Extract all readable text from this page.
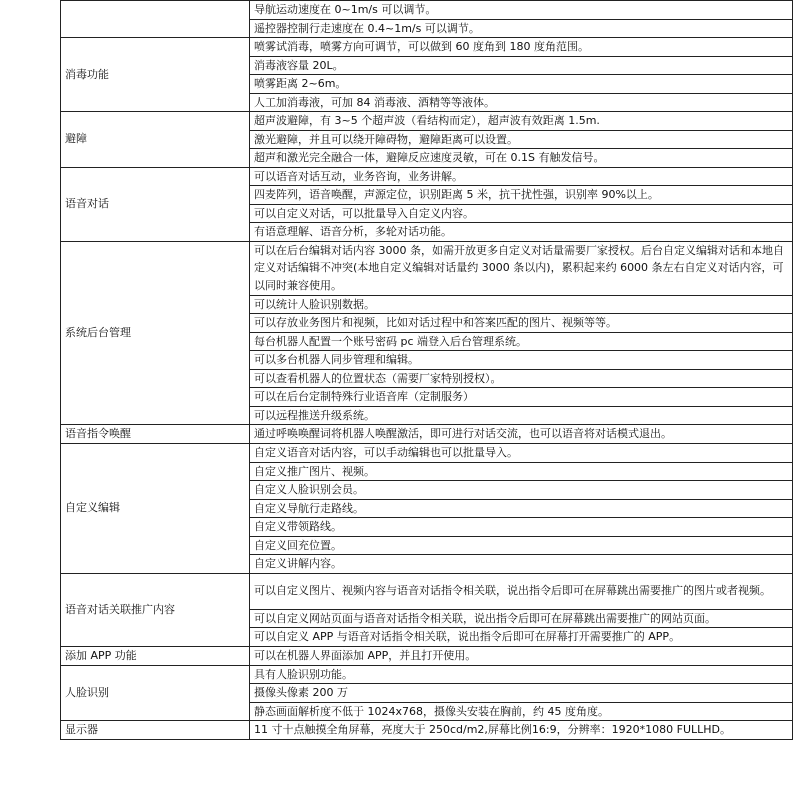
	导航运动速度在 0~1m/s 可以调节。
	遥控器控制行走速度在 0.4~1m/s 可以调节。
消毒功能	喷雾试消毒，喷雾方向可调节，可以做到 60 度角到 180 度角范围。
	消毒液容量 20L。
	喷雾距离 2~6m。
	人工加消毒液，可加 84 消毒液、酒精等等液体。
避障	超声波避障，有 3~5 个超声波（看结构而定），超声波有效距离 1.5m.
	激光避障，并且可以绕开障碍物，避障距离可以设置。
	超声和激光完全融合一体，避障反应速度灵敏，可在 0.1S 有触发信号。
语音对话	可以语音对话互动，业务咨询，业务讲解。
	四麦阵列，语音唤醒，声源定位，识别距离 5 米，抗干扰性强，识别率 90%以上。
	可以自定义对话，可以批量导入自定义内容。
	有语意理解、语音分析，多轮对话功能。
系统后台管理	可以在后台编辑对话内容 3000 条，如需开放更多自定义对话量需要厂家授权。后台自定义编辑对话和本地自定义对话编辑不冲突(本地自定义编辑对话量约 3000 条以内)，累积起来约 6000 条左右自定义对话内容，可以同时兼容使用。
	可以统计人脸识别数据。
	可以存放业务图片和视频，比如对话过程中和答案匹配的图片、视频等等。
	每台机器人配置一个账号密码 pc 端登入后台管理系统。
	可以多台机器人同步管理和编辑。
	可以查看机器人的位置状态（需要厂家特别授权）。
	可以在后台定制特殊行业语音库（定制服务）
	可以远程推送升级系统。
语音指令唤醒	通过呼唤唤醒词将机器人唤醒激活，即可进行对话交流，也可以语音将对话模式退出。
自定义编辑	自定义语音对话内容，可以手动编辑也可以批量导入。
	自定义推广图片、视频。
	自定义人脸识别会员。
	自定义导航行走路线。
	自定义带领路线。
	自定义回充位置。
	自定义讲解内容。
语音对话关联推广内容	可以自定义图片、视频内容与语音对话指令相关联，说出指令后即可在屏幕跳出需要推广的图片或者视频。
	可以自定义网站页面与语音对话指令相关联，说出指令后即可在屏幕跳出需要推广的网站页面。
	可以自定义 APP 与语音对话指令相关联，说出指令后即可在屏幕打开需要推广的 APP。
添加 APP 功能	可以在机器人界面添加 APP，并且打开使用。
人脸识别	具有人脸识别功能。
	摄像头像素 200 万
	静态画面解析度不低于 1024x768，摄像头安装在胸前，约 45 度角度。
显示器	11 寸十点触摸全角屏幕，亮度大于 250cd/m2,屏幕比例16:9，分辨率：1920*1080 FULLHD。
